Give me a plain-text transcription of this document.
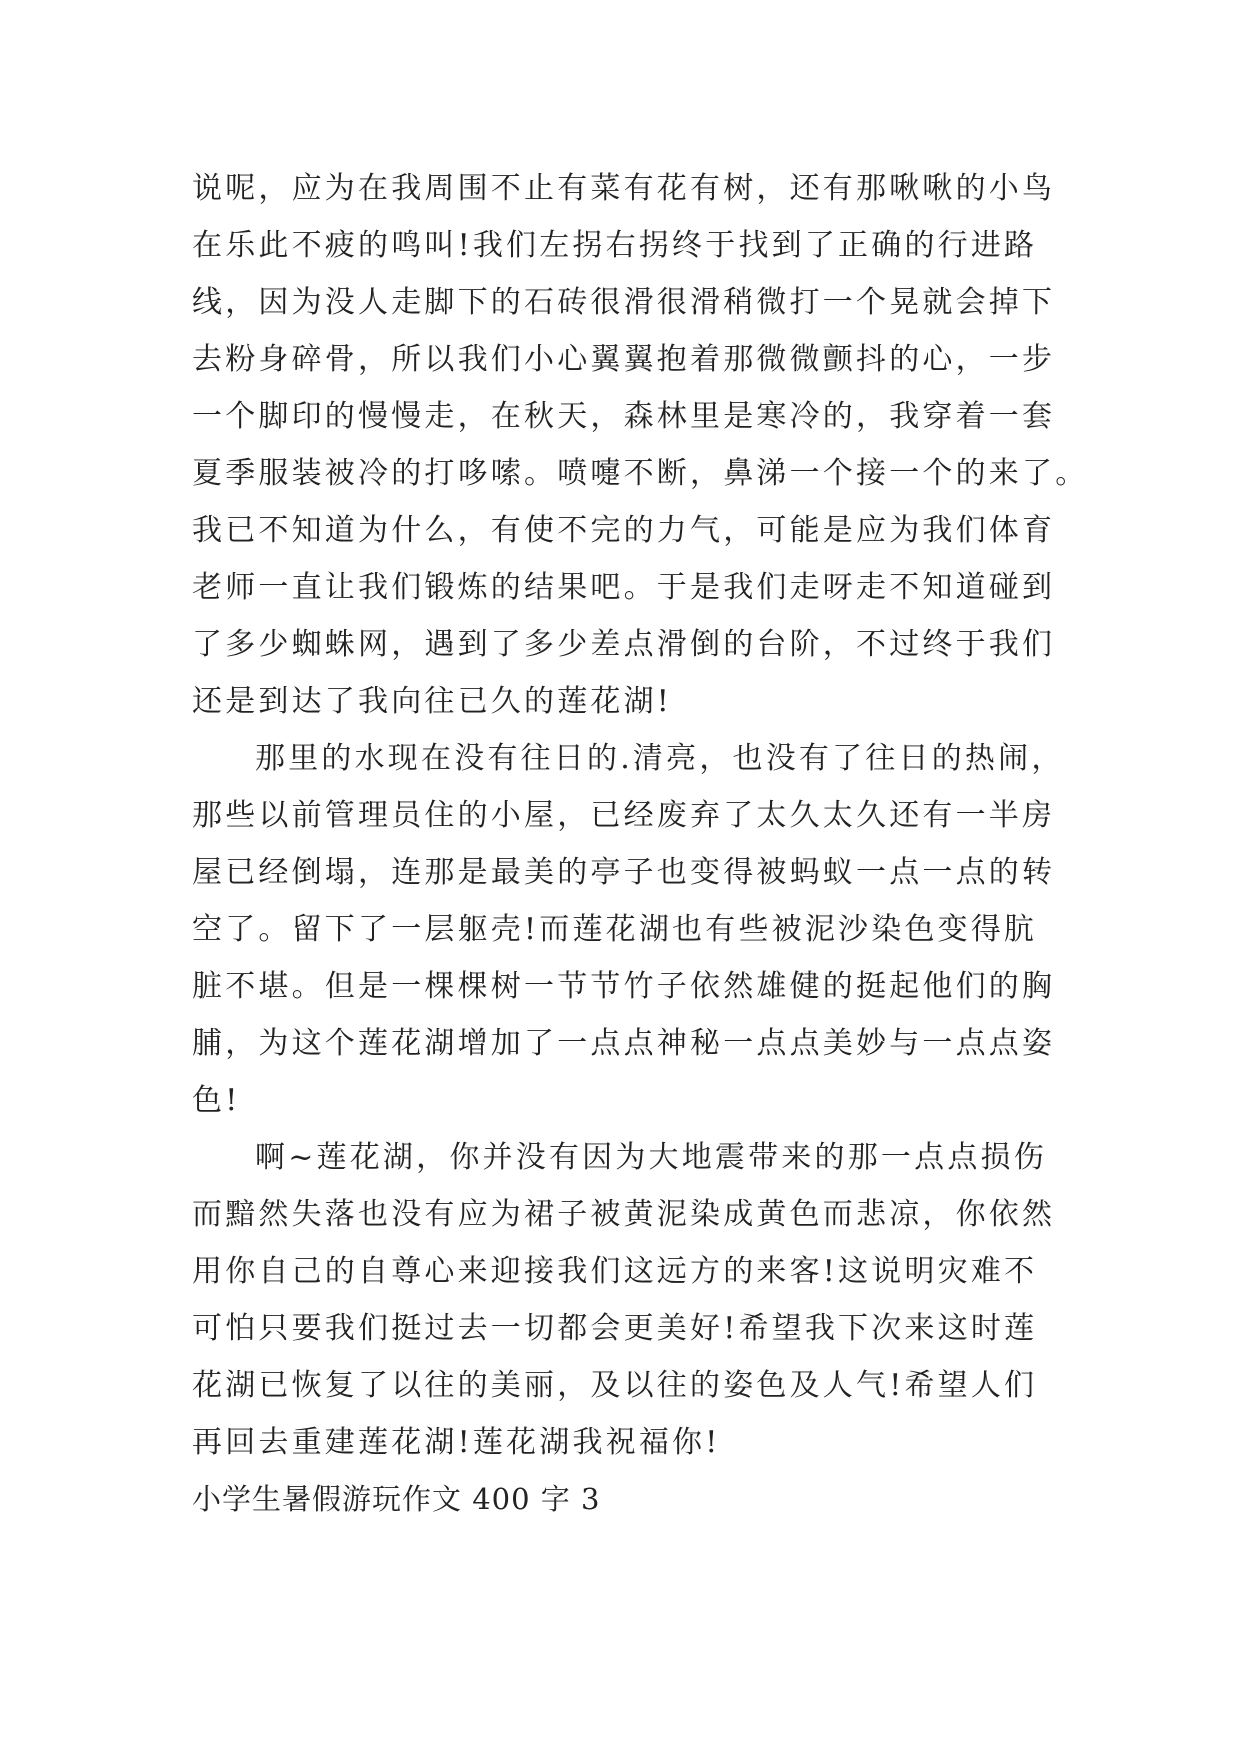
说呢，应为在我周围不止有菜有花有树，还有那啾啾的小鸟
在乐此不疲的鸣叫!我们左拐右拐终于找到了正确的行进路
线，因为没人走脚下的石砖很滑很滑稍微打一个晃就会掉下
去粉身碎骨，所以我们小心翼翼抱着那微微颤抖的心，一步
一个脚印的慢慢走，在秋天，森林里是寒冷的，我穿着一套
夏季服装被冷的打哆嗦。喷嚏不断，鼻涕一个接一个的来了。
我已不知道为什么，有使不完的力气，可能是应为我们体育
老师一直让我们锻炼的结果吧。于是我们走呀走不知道碰到
了多少蜘蛛网，遇到了多少差点滑倒的台阶，不过终于我们
还是到达了我向往已久的莲花湖!
那里的水现在没有往日的.清亮，也没有了往日的热闹，
那些以前管理员住的小屋，已经废弃了太久太久还有一半房
屋已经倒塌，连那是最美的亭子也变得被蚂蚁一点一点的转
空了。留下了一层躯壳!而莲花湖也有些被泥沙染色变得肮
脏不堪。但是一棵棵树一节节竹子依然雄健的挺起他们的胸
脯，为这个莲花湖增加了一点点神秘一点点美妙与一点点姿
色!
啊~莲花湖，你并没有因为大地震带来的那一点点损伤
而黯然失落也没有应为裙子被黄泥染成黄色而悲凉，你依然
用你自己的自尊心来迎接我们这远方的来客!这说明灾难不
可怕只要我们挺过去一切都会更美好!希望我下次来这时莲
花湖已恢复了以往的美丽，及以往的姿色及人气!希望人们
再回去重建莲花湖!莲花湖我祝福你!
小学生暑假游玩作文 400 字 3
